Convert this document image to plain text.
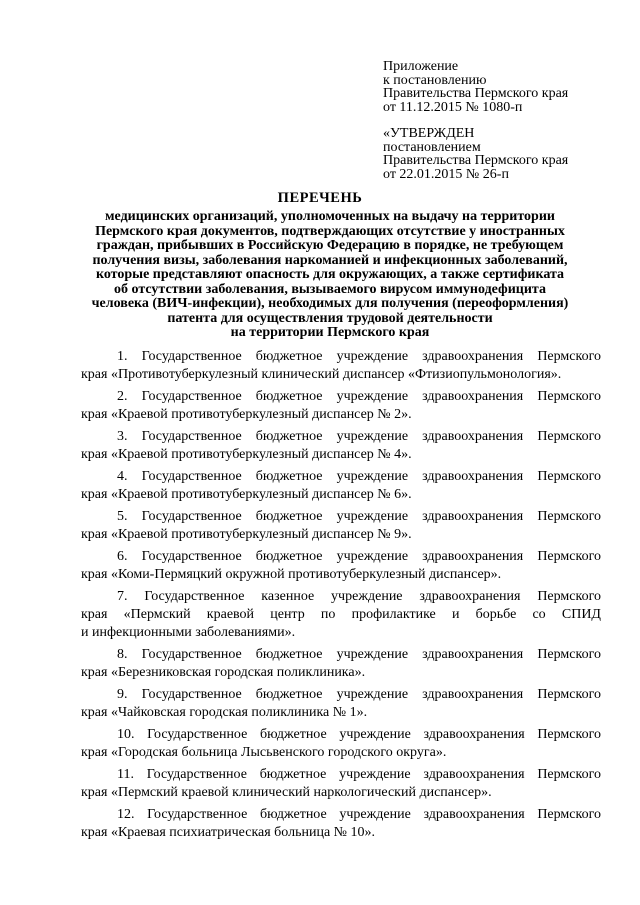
Приложение
к постановлению
Правительства Пермского края
от 11.12.2015 № 1080-п
«УТВЕРЖДЕН
постановлением
Правительства Пермского края
от 22.01.2015 № 26-п
ПЕРЕЧЕНЬ
медицинских организаций, уполномоченных на выдачу на территории
Пермского края документов, подтверждающих отсутствие у иностранных
граждан, прибывших в Российскую Федерацию в порядке, не требующем
получения визы, заболевания наркоманией и инфекционных заболеваний,
которые представляют опасность для окружающих, а также сертификата
об отсутствии заболевания, вызываемого вирусом иммунодефицита
человека (ВИЧ-инфекции), необходимых для получения (переоформления)
патента для осуществления трудовой деятельности
на территории Пермского края
1. Государственное бюджетное учреждение здравоохранения Пермского
края «Противотуберкулезный клинический диспансер «Фтизиопульмонология».
2. Государственное бюджетное учреждение здравоохранения Пермского
края «Краевой противотуберкулезный диспансер № 2».
3. Государственное бюджетное учреждение здравоохранения Пермского
края «Краевой противотуберкулезный диспансер № 4».
4. Государственное бюджетное учреждение здравоохранения Пермского
края «Краевой противотуберкулезный диспансер № 6».
5. Государственное бюджетное учреждение здравоохранения Пермского
края «Краевой противотуберкулезный диспансер № 9».
6. Государственное бюджетное учреждение здравоохранения Пермского
края «Коми-Пермяцкий окружной противотуберкулезный диспансер».
7. Государственное казенное учреждение здравоохранения Пермского
края «Пермский краевой центр по профилактике и борьбе со СПИД
и инфекционными заболеваниями».
8. Государственное бюджетное учреждение здравоохранения Пермского
края «Березниковская городская поликлиника».
9. Государственное бюджетное учреждение здравоохранения Пермского
края «Чайковская городская поликлиника № 1».
10. Государственное бюджетное учреждение здравоохранения Пермского
края «Городская больница Лысьвенского городского округа».
11. Государственное бюджетное учреждение здравоохранения Пермского
края «Пермский краевой клинический наркологический диспансер».
12. Государственное бюджетное учреждение здравоохранения Пермского
края «Краевая психиатрическая больница № 10».
